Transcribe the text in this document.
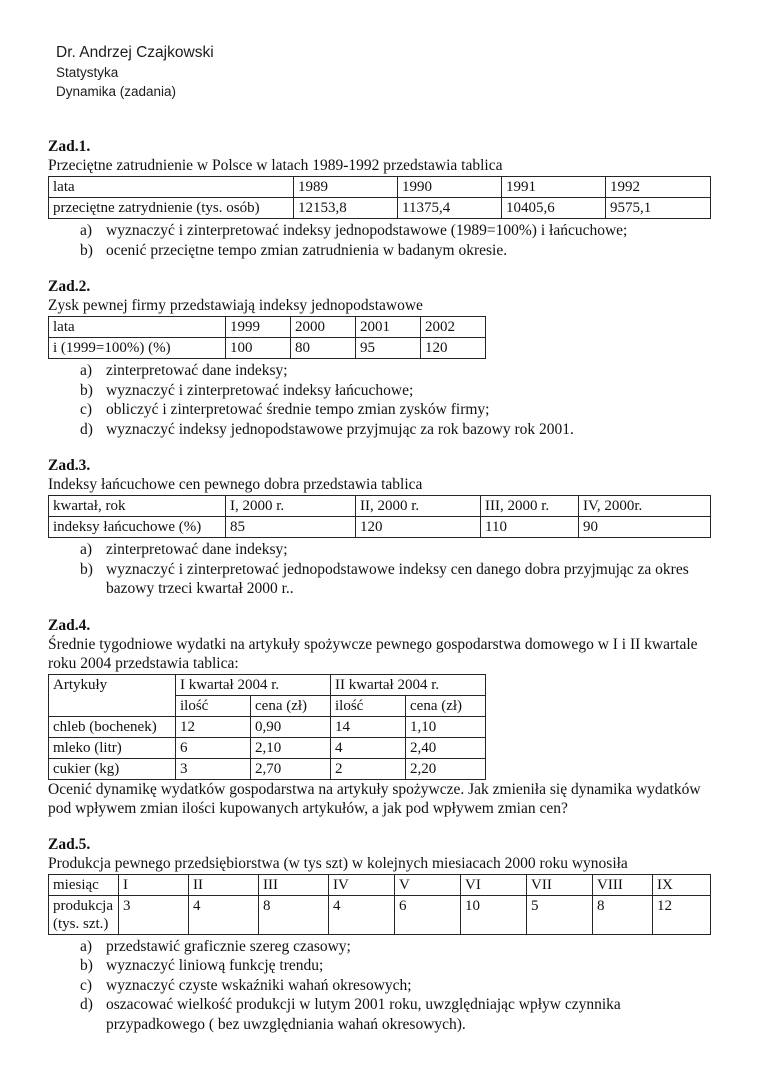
Dr. Andrzej Czajkowski
Statystyka
Dynamika (zadania)
Zad.1.
Przeciętne zatrudnienie w Polsce w latach 1989-1992 przedstawia tablica
lata	1989	1990	1991	1992
przeciętne zatrydnienie (tys. osób)	12153,8	11375,4	10405,6	9575,1
a) wyznaczyć i zinterpretować indeksy jednopodstawowe (1989=100%) i łańcuchowe;
b) ocenić przeciętne tempo zmian zatrudnienia w badanym okresie.
Zad.2.
Zysk pewnej firmy przedstawiają indeksy jednopodstawowe
lata	1999	2000	2001	2002
i (1999=100%) (%)	100	80	95	120
a) zinterpretować dane indeksy;
b) wyznaczyć i zinterpretować indeksy łańcuchowe;
c) obliczyć i zinterpretować średnie tempo zmian zysków firmy;
d) wyznaczyć indeksy jednopodstawowe przyjmując za rok bazowy rok 2001.
Zad.3.
Indeksy łańcuchowe cen pewnego dobra przedstawia tablica
kwartał, rok	I, 2000 r.	II, 2000 r.	III, 2000 r.	IV, 2000r.
indeksy łańcuchowe (%)	85	120	110	90
a) zinterpretować dane indeksy;
b) wyznaczyć i zinterpretować jednopodstawowe indeksy cen danego dobra przyjmując za okres bazowy trzeci kwartał 2000 r..
Zad.4.
Średnie tygodniowe wydatki na artykuły spożywcze pewnego gospodarstwa domowego w I i II kwartale roku 2004 przedstawia tablica:
Artykuły	I kwartał 2004 r.		II kwartał 2004 r.	
	ilość	cena (zł)	ilość	cena (zł)
chleb (bochenek)	12	0,90	14	1,10
mleko (litr)	6	2,10	4	2,40
cukier (kg)	3	2,70	2	2,20
Ocenić dynamikę wydatków gospodarstwa na artykuły spożywcze. Jak zmieniła się dynamika wydatków pod wpływem zmian ilości kupowanych artykułów, a jak pod wpływem zmian cen?
Zad.5.
Produkcja pewnego przedsiębiorstwa (w tys szt) w kolejnych miesiacach 2000 roku wynosiła
miesiąc	I	II	III	IV	V	VI	VII	VIII	IX
produkcja (tys. szt.)	3	4	8	4	6	10	5	8	12
a) przedstawić graficznie szereg czasowy;
b) wyznaczyć liniową funkcję trendu;
c) wyznaczyć czyste wskaźniki wahań okresowych;
d) oszacować wielkość produkcji w lutym 2001 roku, uwzględniając wpływ czynnika przypadkowego ( bez uwzględniania wahań okresowych).
